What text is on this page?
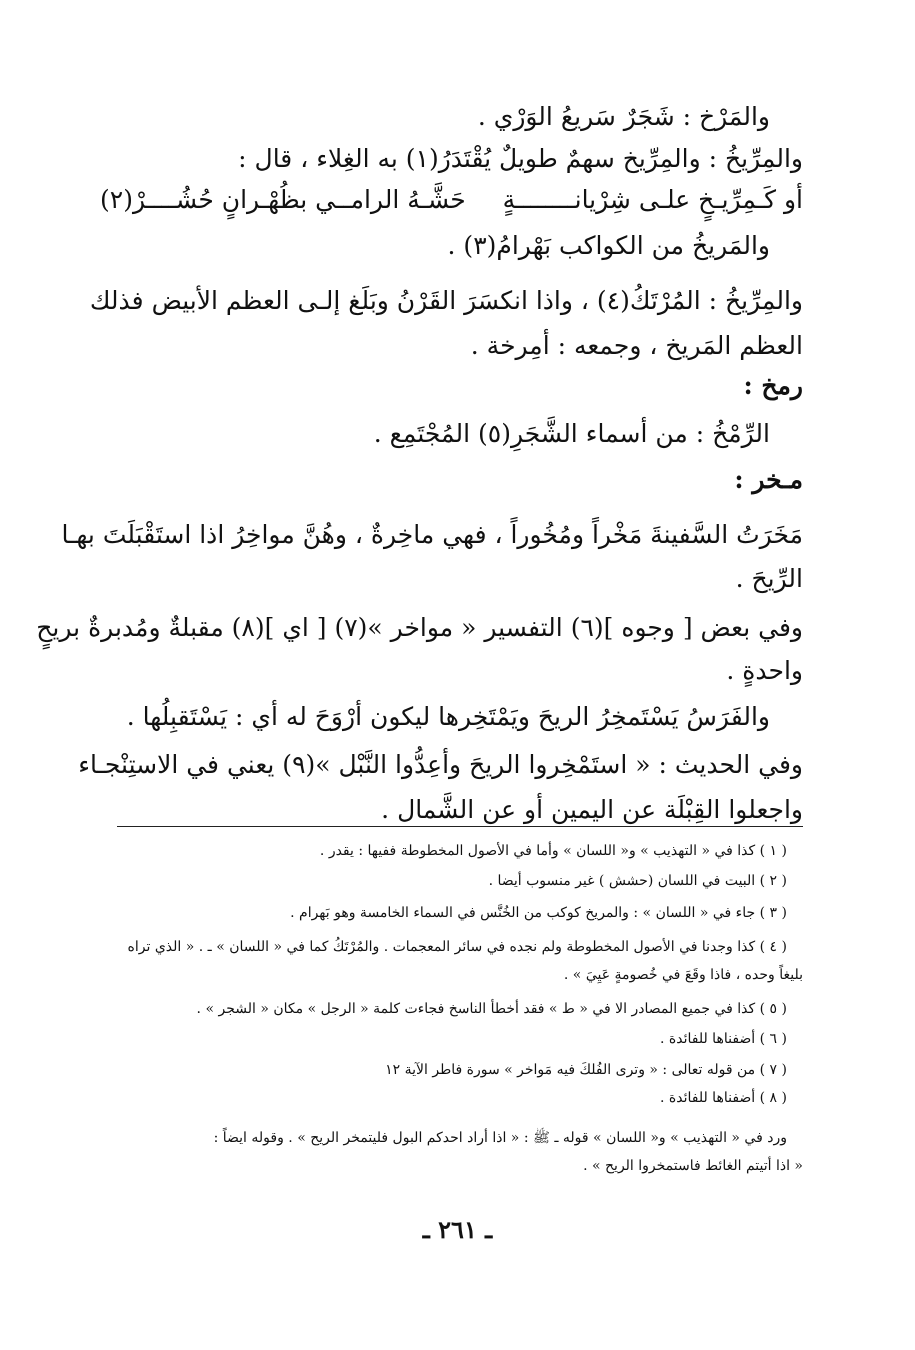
والمَرْخ : شَجَرٌ سَريعُ الوَرْي .
والمِرِّيخُ : والمِرِّيخ سهمٌ طويلٌ يُقْتَدَرُ(١) به الغِلاء ، قال :
أو كَـمِرِّيـخٍ علـى شِرْيانــــــــةٍ
حَشَّـهُ الرامــي بظُهْـرانٍ حُشُــــرْ(٢)
والمَريخُ من الكواكب بَهْرامُ(٣) .
والمِرِّيخُ : المُرْتَكُ(٤) ، واذا انكسَرَ القَرْنُ وبَلَغ إلـى العظم الأبيض فذلك
العظم المَريخ ، وجمعه : أمِرخة .
رمخ :
الرِّمْخُ : من أسماء الشَّجَرِ(٥) المُجْتَمِع .
مـخر :
مَخَرَتُ السَّفينةَ مَخْراً ومُخُوراً ، فهي ماخِرةٌ ، وهُنَّ مواخِرُ اذا استَقْبَلَتَ بهـا
الرِّيحَ .
وفي بعض [ وجوه ](٦) التفسير « مواخر »(٧) [ اي ](٨) مقبلةٌ ومُدبرةٌ بريحٍ
واحدةٍ .
والفَرَسُ يَسْتَمخِرُ الريحَ ويَمْتَخِرها ليكون أرْوَحَ له أي : يَسْتَقبِلُها .
وفي الحديث : « استَمْخِروا الريحَ وأعِدُّوا النَّبْل »(٩) يعني في الاستِنْجـاء
واجعلوا القِبْلَة عن اليمين أو عن الشَّمال .
( ١ ) كذا في « التهذيب » و« اللسان » وأما في الأصول المخطوطة ففيها : يقدر .
( ٢ ) البيت في اللسان (حشش ) غير منسوب أيضا .
( ٣ ) جاء في « اللسان » : والمريخ كوكب من الخُنَّس في السماء الخامسة وهو بَهرام .
( ٤ ) كذا وجدنا في الأصول المخطوطة ولم نجده في سائر المعجمات . والمُرْتَكُ كما في « اللسان » ـ . « الذي تراه
بليغاً وحده ، فاذا وقَعَ في خُصومةٍ عَيِيَ » .
( ٥ ) كذا في جميع المصادر الا في « ط » فقد أخطأ الناسخ فجاءت كلمة « الرجل » مكان « الشجر » .
( ٦ ) أضفناها للفائدة .
( ٧ ) من قوله تعالى : « وترى الفُلكَ فيه مَواخر » سورة فاطر الآية ١٢
( ٨ ) أضفناها للفائدة .
ورد في « التهذيب » و« اللسان » قوله ـ ﷺ : « اذا أراد احدكم البول فليتمخر الريح » . وقوله ايضاً :
« اذا أتيتم الغائط فاستمخروا الريح » .
ـ ٢٦١ ـ
